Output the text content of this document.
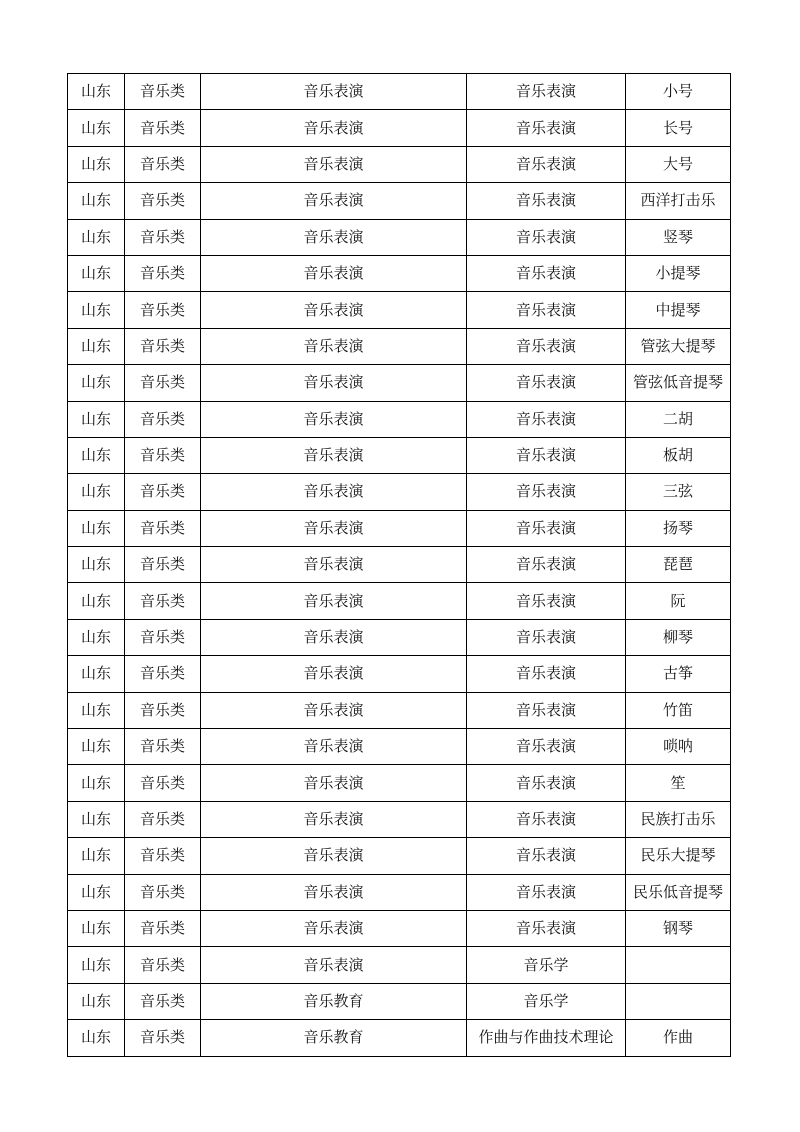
山东	音乐类	音乐表演	音乐表演	小号
山东	音乐类	音乐表演	音乐表演	长号
山东	音乐类	音乐表演	音乐表演	大号
山东	音乐类	音乐表演	音乐表演	西洋打击乐
山东	音乐类	音乐表演	音乐表演	竖琴
山东	音乐类	音乐表演	音乐表演	小提琴
山东	音乐类	音乐表演	音乐表演	中提琴
山东	音乐类	音乐表演	音乐表演	管弦大提琴
山东	音乐类	音乐表演	音乐表演	管弦低音提琴
山东	音乐类	音乐表演	音乐表演	二胡
山东	音乐类	音乐表演	音乐表演	板胡
山东	音乐类	音乐表演	音乐表演	三弦
山东	音乐类	音乐表演	音乐表演	扬琴
山东	音乐类	音乐表演	音乐表演	琵琶
山东	音乐类	音乐表演	音乐表演	阮
山东	音乐类	音乐表演	音乐表演	柳琴
山东	音乐类	音乐表演	音乐表演	古筝
山东	音乐类	音乐表演	音乐表演	竹笛
山东	音乐类	音乐表演	音乐表演	唢呐
山东	音乐类	音乐表演	音乐表演	笙
山东	音乐类	音乐表演	音乐表演	民族打击乐
山东	音乐类	音乐表演	音乐表演	民乐大提琴
山东	音乐类	音乐表演	音乐表演	民乐低音提琴
山东	音乐类	音乐表演	音乐表演	钢琴
山东	音乐类	音乐表演	音乐学	
山东	音乐类	音乐教育	音乐学	
山东	音乐类	音乐教育	作曲与作曲技术理论	作曲
